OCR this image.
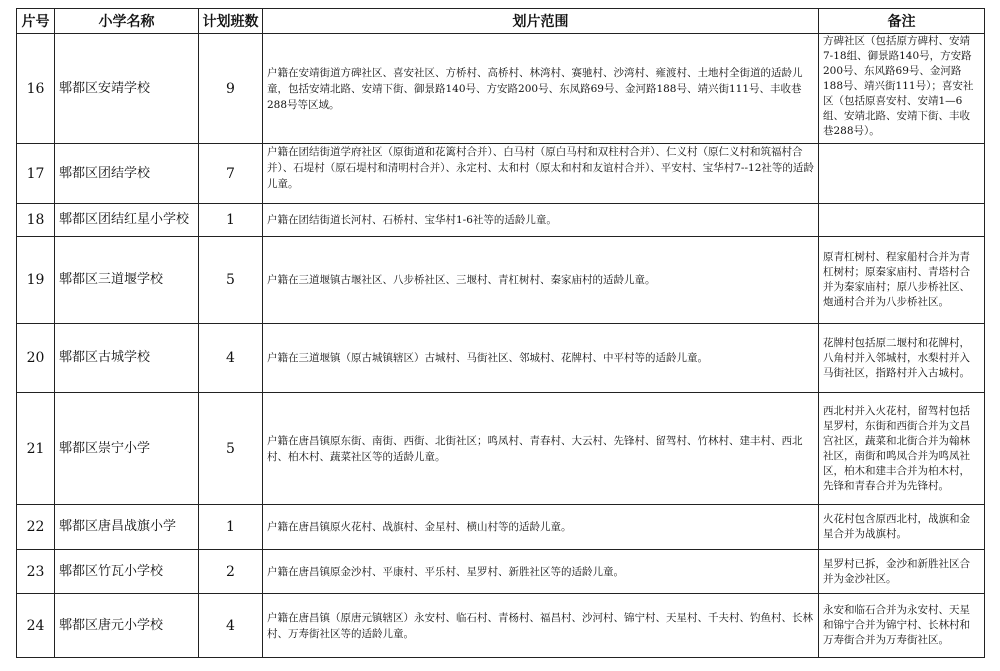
片号	小学名称	计划班数	划片范围	备注
16	郫都区安靖学校	9	户籍在安靖街道方碑社区、喜安社区、方桥村、高桥村、林湾村、赛驰村、沙湾村、雍渡村、土地村全街道的适龄儿童，包括安靖北路、安靖下街、御景路140号、方安路200号、东凤路69号、金河路188号、靖兴街111号、丰收巷288号等区域。	方碑社区（包括原方碑村、安靖7-18组、御景路140号，方安路200号、东风路69号、金河路188号、靖兴街111号）；喜安社区（包括原喜安村、安靖1—6组、安靖北路、安靖下街、丰收巷288号）。
17	郫都区团结学校	7	户籍在团结街道学府社区（原街道和花篱村合并）、白马村（原白马村和双柱村合并）、仁义村（原仁义村和筑福村合并）、石堤村（原石堤村和清明村合并）、永定村、太和村（原太和村和友谊村合并）、平安村、宝华村7--12社等的适龄儿童。	
18	郫都区团结红星小学校	1	户籍在团结街道长河村、石桥村、宝华村1-6社等的适龄儿童。	
19	郫都区三道堰学校	5	户籍在三道堰镇古堰社区、八步桥社区、三堰村、青杠树村、秦家庙村的适龄儿童。	原青杠树村、程家船村合并为青杠树村；原秦家庙村、青塔村合并为秦家庙村；原八步桥社区、炮通村合并为八步桥社区。
20	郫都区古城学校	4	户籍在三道堰镇（原古城镇辖区）古城村、马街社区、邻城村、花牌村、中平村等的适龄儿童。	花牌村包括原二堰村和花牌村，八角村并入邻城村，水梨村并入马街社区，指路村并入古城村。
21	郫都区崇宁小学	5	户籍在唐昌镇原东街、南街、西街、北街社区；鸣凤村、青春村、大云村、先锋村、留驾村、竹林村、建丰村、西北村、柏木村、蔬菜社区等的适龄儿童。	西北村并入火花村，留驾村包括星罗村，东街和西街合并为文昌宫社区，蔬菜和北街合并为翰林社区，南街和鸣凤合并为鸣凤社区，柏木和建丰合并为柏木村，先锋和青春合并为先锋村。
22	郫都区唐昌战旗小学	1	户籍在唐昌镇原火花村、战旗村、金星村、横山村等的适龄儿童。	火花村包含原西北村，战旗和金星合并为战旗村。
23	郫都区竹瓦小学校	2	户籍在唐昌镇原金沙村、平康村、平乐村、星罗村、新胜社区等的适龄儿童。	星罗村已拆，金沙和新胜社区合并为金沙社区。
24	郫都区唐元小学校	4	户籍在唐昌镇（原唐元镇辖区）永安村、临石村、青杨村、福昌村、沙河村、锦宁村、天星村、千夫村、钓鱼村、长林村、万寿街社区等的适龄儿童。	永安和临石合并为永安村、天星和锦宁合并为锦宁村、长林村和万寿街合并为万寿街社区。
